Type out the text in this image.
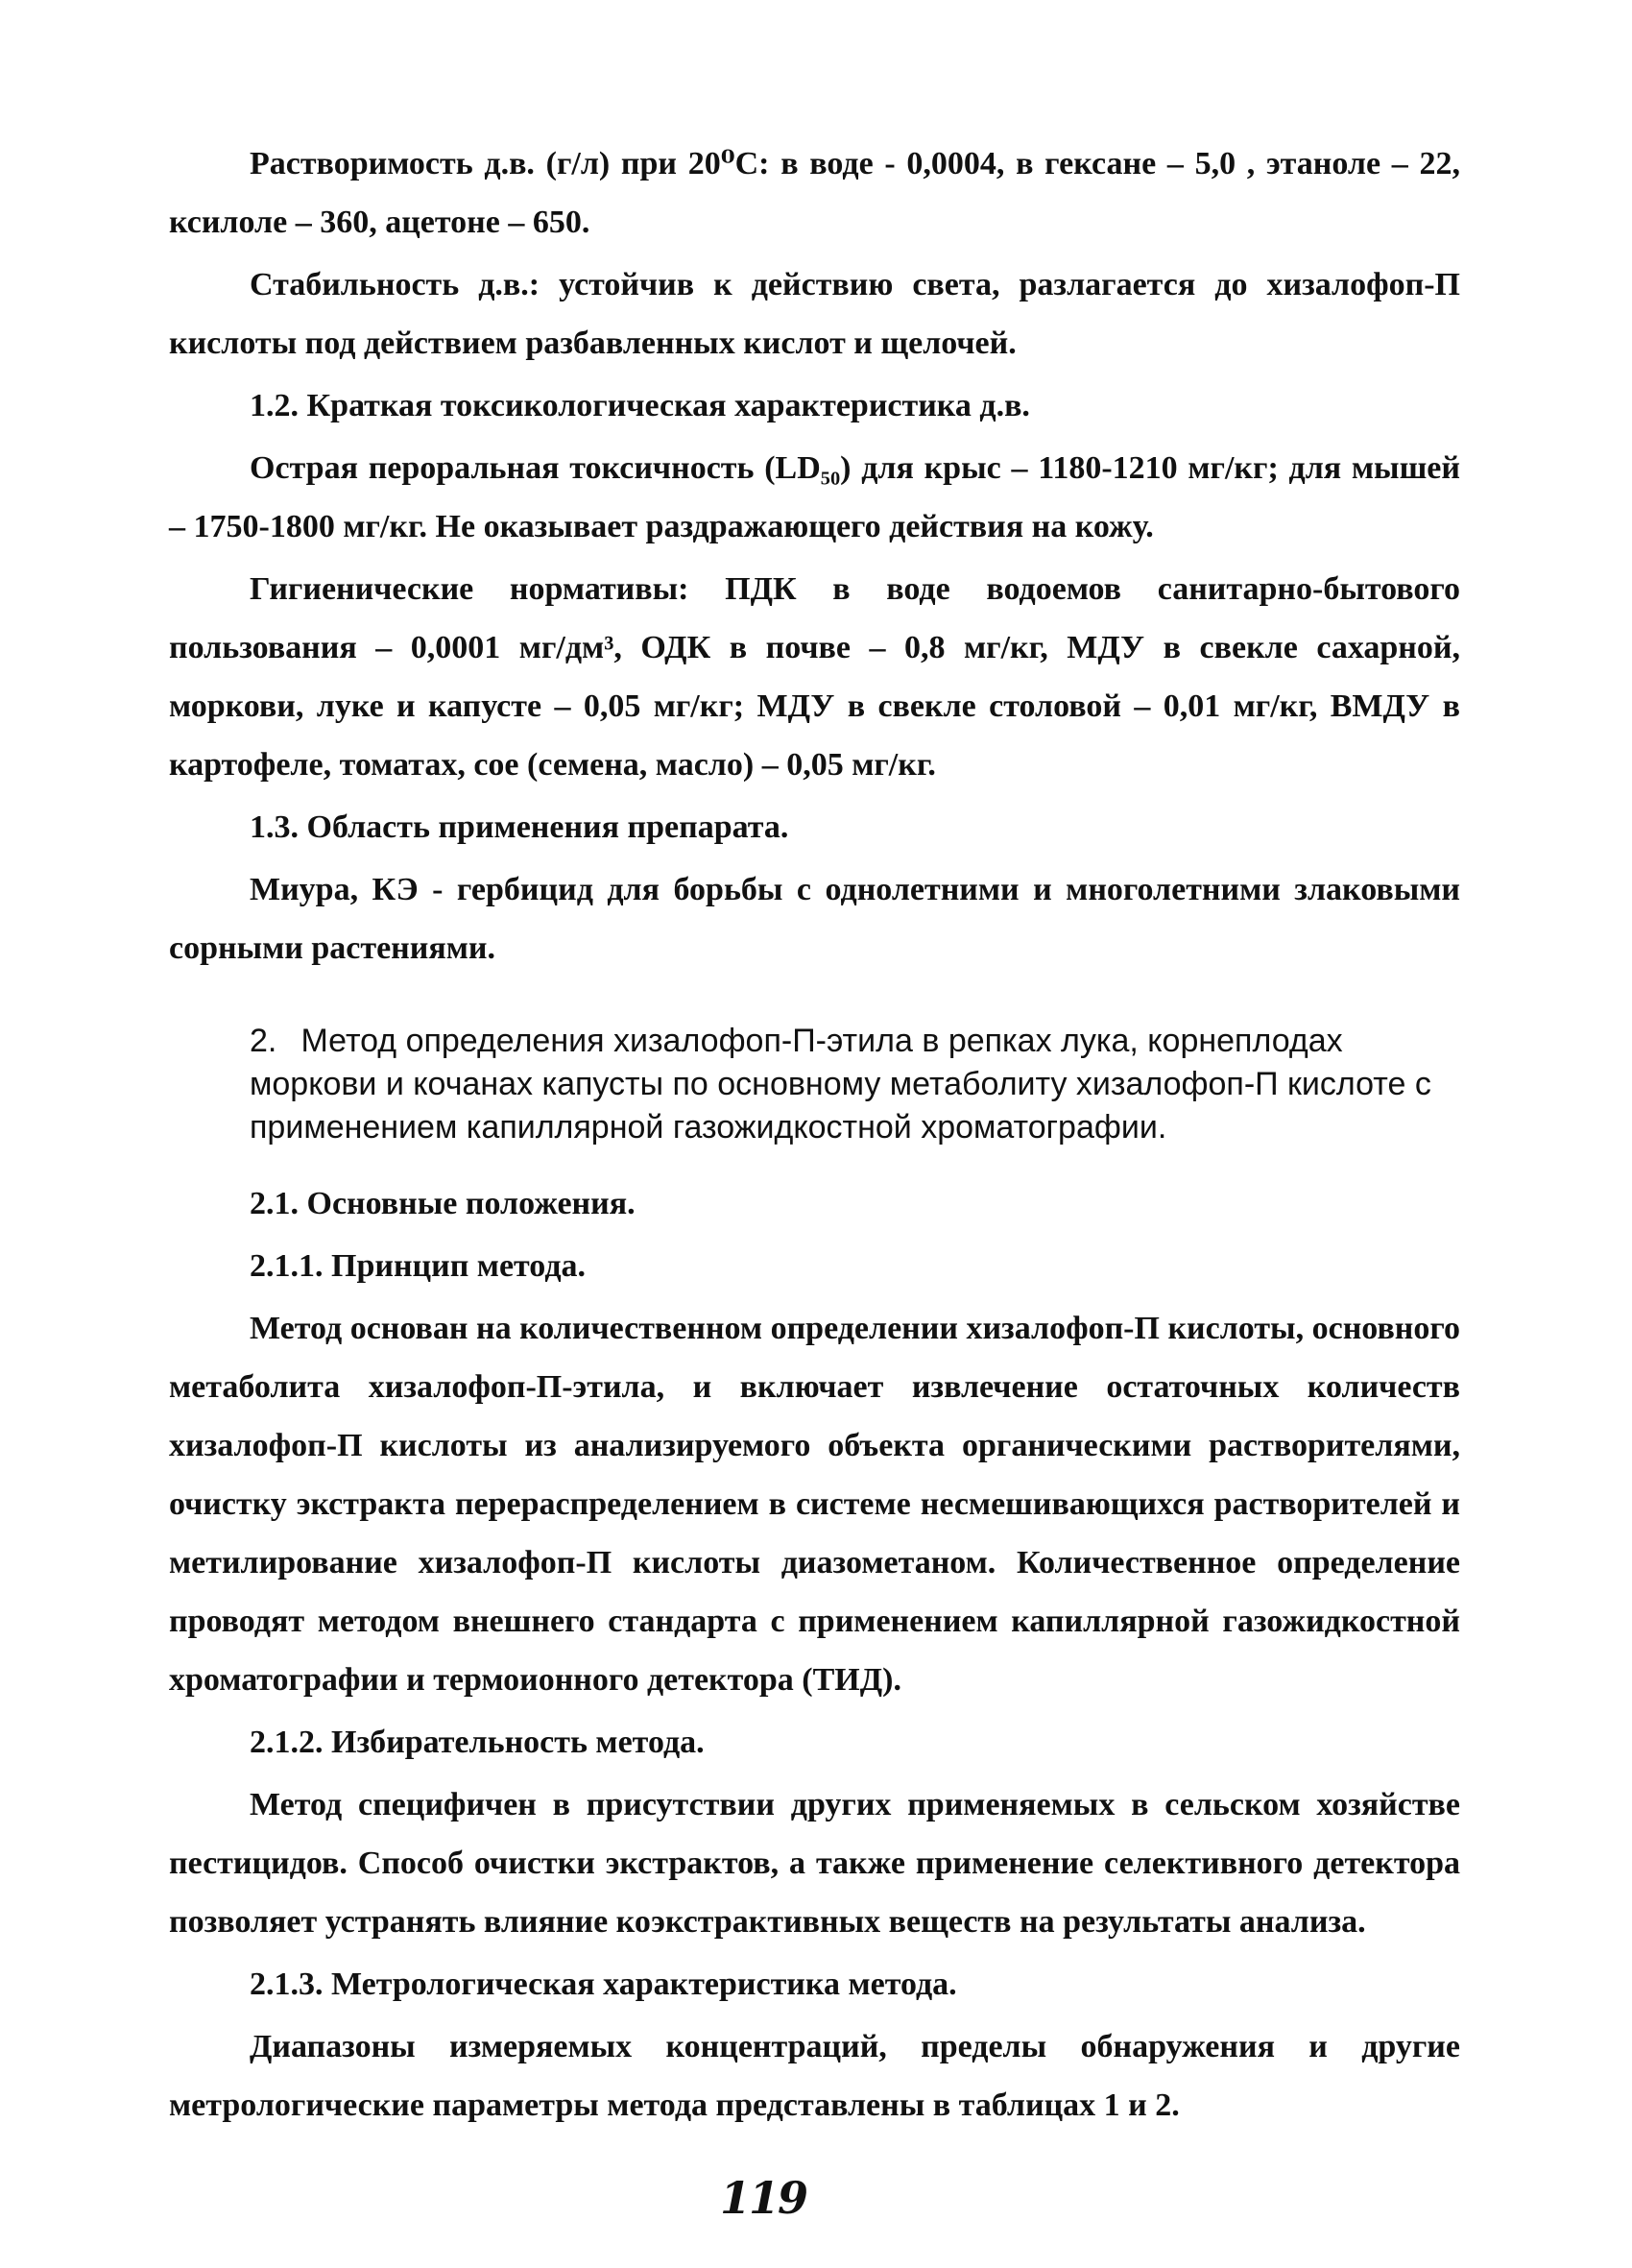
Растворимость д.в. (г/л) при 20⁰С: в воде - 0,0004, в гексане – 5,0 , этаноле – 22, ксилоле – 360, ацетоне – 650.

Стабильность д.в.: устойчив к действию света, разлагается до хизалофоп-П кислоты под действием разбавленных кислот и щелочей.

1.2. Краткая токсикологическая характеристика д.в.

Острая пероральная токсичность (LD₅₀) для крыс – 1180-1210 мг/кг; для мышей – 1750-1800 мг/кг. Не оказывает раздражающего действия на кожу.

Гигиенические нормативы: ПДК в воде водоемов санитарно-бытового пользования – 0,0001 мг/дм³, ОДК в почве – 0,8 мг/кг, МДУ в свекле сахарной, моркови, луке и капусте – 0,05 мг/кг; МДУ в свекле столовой – 0,01 мг/кг, ВМДУ в картофеле, томатах, сое (семена, масло) – 0,05 мг/кг.

1.3. Область применения препарата.

Миура, КЭ - гербицид для борьбы с однолетними и многолетними злаковыми сорными растениями.

2. Метод определения хизалофоп-П-этила в репках лука, корнеплодах моркови и кочанах капусты по основному метаболиту хизалофоп-П кислоте с применением капиллярной газожидкостной хроматографии.

2.1. Основные положения.

2.1.1. Принцип метода.

Метод основан на количественном определении хизалофоп-П кислоты, основного метаболита хизалофоп-П-этила, и включает извлечение остаточных количеств хизалофоп-П кислоты из анализируемого объекта органическими растворителями, очистку экстракта перераспределением в системе несмешивающихся растворителей и метилирование хизалофоп-П кислоты диазометаном. Количественное определение проводят методом внешнего стандарта с применением капиллярной газожидкостной хроматографии и термоионного детектора (ТИД).

2.1.2. Избирательность метода.

Метод специфичен в присутствии других применяемых в сельском хозяйстве пестицидов. Способ очистки экстрактов, а также применение селективного детектора позволяет устранять влияние коэкстрактивных веществ на результаты анализа.

2.1.3. Метрологическая характеристика метода.

Диапазоны измеряемых концентраций, пределы обнаружения и другие метрологические параметры метода представлены в таблицах 1 и 2.

119
